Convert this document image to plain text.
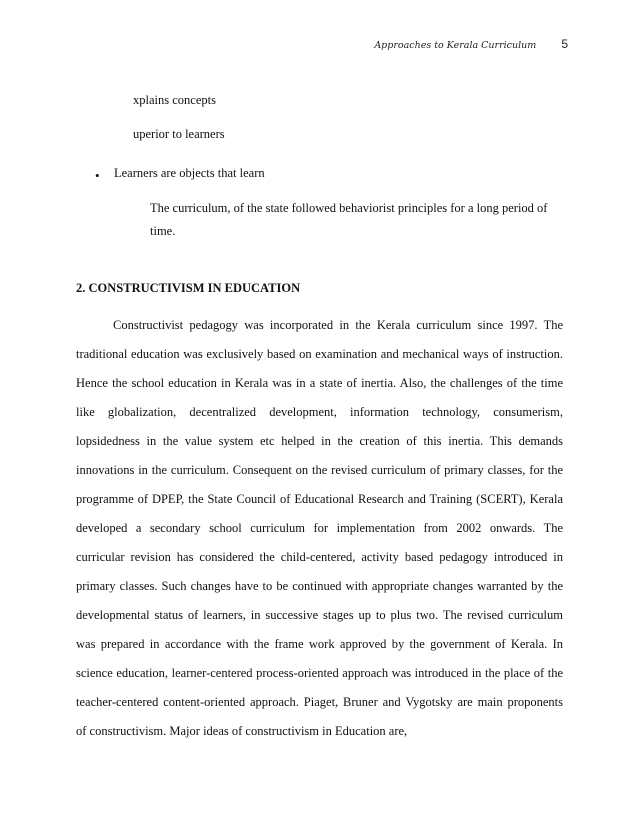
Approaches to Kerala Curriculum 5
xplains concepts
uperior to learners
• Learners are objects that learn
The curriculum, of the state followed behaviorist principles for a long period of
time.
2. CONSTRUCTIVISM IN EDUCATION
Constructivist pedagogy was incorporated in the Kerala curriculum since 1997. The
traditional education was exclusively based on examination and mechanical ways of instruction.
Hence the school education in Kerala was in a state of inertia. Also, the challenges of the time
like globalization, decentralized development, information technology, consumerism,
lopsidedness in the value system etc helped in the creation of this inertia. This demands
innovations in the curriculum. Consequent on the revised curriculum of primary classes, for the
programme of DPEP, the State Council of Educational Research and Training (SCERT), Kerala
developed a secondary school curriculum for implementation from 2002 onwards. The
curricular revision has considered the child-centered, activity based pedagogy introduced in
primary classes. Such changes have to be continued with appropriate changes warranted by the
developmental status of learners, in successive stages up to plus two. The revised curriculum
was prepared in accordance with the frame work approved by the government of Kerala. In
science education, learner-centered process-oriented approach was introduced in the place of the
teacher-centered content-oriented approach. Piaget, Bruner and Vygotsky are main proponents
of constructivism. Major ideas of constructivism in Education are,
